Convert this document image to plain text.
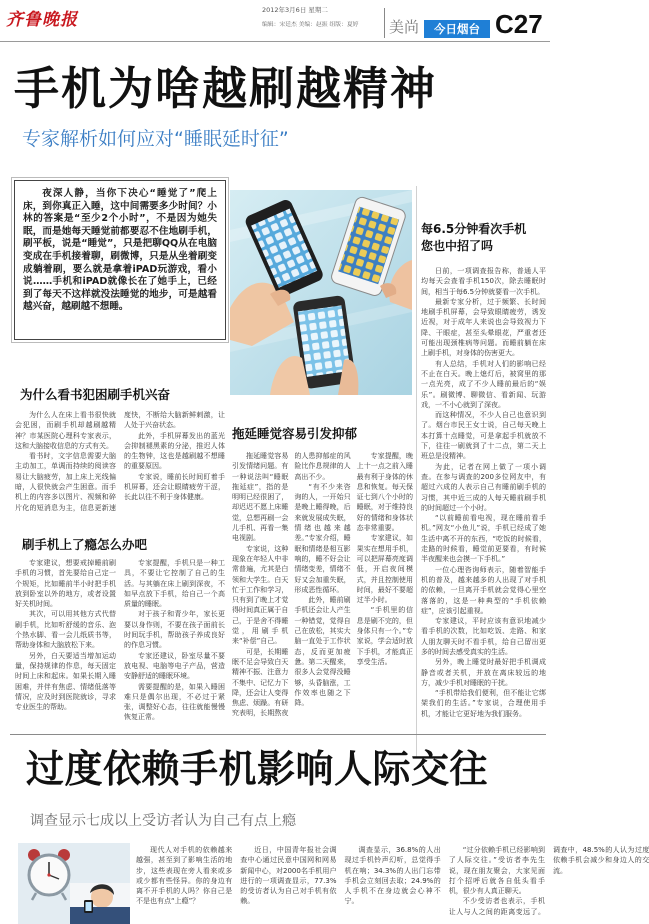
齐鲁晚报	2012年3月6日 星期二
编辑：宋廷杰 美编：赵振 组版：夏婷 美尚	今日烟台 C27
手机为啥越刷越精神
专家解析如何应对“睡眠延时征”
夜深人静，当你下决心“睡觉了”爬上床，到你真正入睡，这中间需要多少时间？小林的答案是“至少2个小时”，不是因为她失眠，而是她每天睡觉前都要忍不住地刷手机，刷平板，说是“睡觉”，只是把聊QQ从在电脑变成在手机接着聊，刷微博，只是从坐着刷变成躺着刷，要么就是拿着iPAD玩游戏，看小说……手机和iPAD就像长在了她手上，已经到了每天不这样就没法睡觉的地步，可是越看越兴奋，越刷越不想睡。
为什么看书犯困刷手机兴奋

为什么人在床上看书很快就会犯困，而刷手机却越刷越精神？市某医院心理科专家表示，这和大脑接收信息的方式有关。

看书时，文字信息需要大脑主动加工，单调而持续的阅读容易让大脑疲劳，加上床上光线偏暗，人很快就会产生困意。而手机上的内容多以图片、视频和碎片化的短消息为主，信息更新速度快，不断给大脑新鲜刺激，让人处于兴奋状态。

此外，手机屏幕发出的蓝光会抑制褪黑素的分泌，推迟人体的生物钟，这也是越刷越不想睡的重要原因。

专家说，睡前长时间盯着手机屏幕，还会让眼睛疲劳干涩，长此以往不利于身体健康。

刷手机上了瘾怎么办吧

专家建议，想要戒掉睡前刷手机的习惯，首先要给自己定一个规矩，比如睡前半小时把手机放到卧室以外的地方，或者设置好关机时间。

其次，可以用其他方式代替刷手机，比如听舒缓的音乐、泡个热水脚、看一会儿纸质书等，帮助身体和大脑放松下来。

另外，白天要适当增加运动量，保持规律的作息，每天固定时间上床和起床。如果长期入睡困难，并伴有焦虑、情绪低落等情况，应及时到医院就诊，寻求专业医生的帮助。

专家提醒，手机只是一种工具，不要让它控制了自己的生活。与其躺在床上刷到深夜，不如早点放下手机，给自己一个高质量的睡眠。

对于孩子和青少年，家长更要以身作则，不要在孩子面前长时间玩手机，帮助孩子养成良好的作息习惯。

专家还建议，卧室尽量不要放电视、电脑等电子产品，营造安静舒适的睡眠环境。

需要提醒的是，如果入睡困难只是偶尔出现，不必过于紧张，调整好心态，往往就能慢慢恢复正常。

拖延睡觉容易引发抑郁

拖延睡觉容易引发情绪问题。有一种说法叫“睡眠拖延症”，指的是明明已经很困了，却迟迟不愿上床睡觉，总想再刷一会儿手机、再看一集电视剧。

专家说，这种现象在年轻人中非常普遍，尤其是白领和大学生。白天忙于工作和学习，只有到了晚上才觉得时间真正属于自己，于是舍不得睡觉，用刷手机来“补偿”自己。

可是，长期睡眠不足会导致白天精神不振、注意力不集中、记忆力下降，还会让人变得焦虑、烦躁。有研究表明，长期熬夜的人患抑郁症的风险比作息规律的人高出不少。

“有不少来咨询的人，一开始只是晚上睡得晚，后来就发展成失眠，情绪也越来越差。”专家介绍，睡眠和情绪是相互影响的，睡不好会让情绪变差，情绪不好又会加重失眠，形成恶性循环。

此外，睡前刷手机还会让人产生一种错觉，觉得自己在放松，其实大脑一直处于工作状态，反而更加疲惫。第二天醒来，很多人会觉得没睡够，头昏脑涨，工作效率也随之下降。

专家提醒，晚上十一点之前入睡最有利于身体的休息和恢复。每天保证七到八个小时的睡眠，对于维持良好的情绪和身体状态非常重要。

专家建议，如果实在想用手机，可以把屏幕亮度调低，开启夜间模式，并且控制使用时间，最好不要超过半小时。

“手机里的信息是刷不完的，但身体只有一个。”专家说，学会适时放下手机，才能真正享受生活。

每6.5分钟看次手机
您也中招了吗

日前，一项调查报告称，普通人平均每天会查看手机150次，除去睡眠时间，相当于每6.5分钟就要看一次手机。

最新专家分析，过于频繁、长时间地刷手机屏幕，会导致眼睛疲劳，诱发近视，对于成年人来说也会导致视力下降、干眼症，甚至头晕眼花，严重者还可能出现颈椎病等问题。而睡前躺在床上刷手机，对身体的伤害更大。

有人总结，手机对人们的影响已经不止在白天。晚上熄灯后，被窝里的那一点光亮，成了不少人睡前最后的“娱乐”。刷微博、聊微信、看新闻、玩游戏，一不小心就到了深夜。

而这种情况，不少人自己也意识到了。烟台市民王女士说，自己每天晚上本打算十点睡觉，可是拿起手机就放不下，往往一刷就到了十二点，第二天上班总是没精神。

为此，记者在网上做了一项小调查。在参与调查的200多位网友中，有超过六成的人表示自己有睡前刷手机的习惯，其中近三成的人每天睡前刷手机的时间超过一个小时。

“以前睡前看电视，现在睡前看手机。”网友“小鱼儿”说，手机已经成了她生活中离不开的东西，“吃饭的时候看，走路的时候看，睡觉前更要看，有时候半夜醒来也会摸一下手机。”

一位心理咨询师表示，随着智能手机的普及，越来越多的人出现了对手机的依赖，一旦离开手机就会觉得心里空落落的，这是一种典型的“手机依赖症”，应该引起重视。

专家建议，平时应该有意识地减少看手机的次数，比如吃饭、走路、和家人朋友聊天时不看手机，给自己留出更多的时间去感受真实的生活。

另外，晚上睡觉时最好把手机调成静音或者关机，并放在离床较远的地方，减少手机对睡眠的干扰。

“手机带给我们便利，但不能让它绑架我们的生活。”专家说，合理使用手机，才能让它更好地为我们服务。

过度依赖手机影响人际交往
调查显示七成以上受访者认为自己有点上瘾

现代人对手机的依赖越来越强，甚至到了影响生活的地步，这些表现在旁人看来或多或少都有些怪异。你的身边有离不开手机的人吗？你自己是不是也有点“上瘾”？

近日，中国青年报社会调查中心通过民意中国网和网易新闻中心，对2000名手机用户进行的一项调查显示，77.3%的受访者认为自己对手机有依赖。

调查显示，36.8%的人出现过手机铃声幻听，总觉得手机在响；34.3%的人出门忘带手机会立刻回去取；24.9%的人手机不在身边就会心神不宁。

“过分依赖手机已经影响到了人际交往。”受访者李先生说，现在朋友聚会，大家见面打个招呼后就各自低头看手机，很少有人真正聊天。

不少受访者也表示，手机让人与人之间的距离变远了。调查中，48.5%的人认为过度依赖手机会减少和身边人的交流。
